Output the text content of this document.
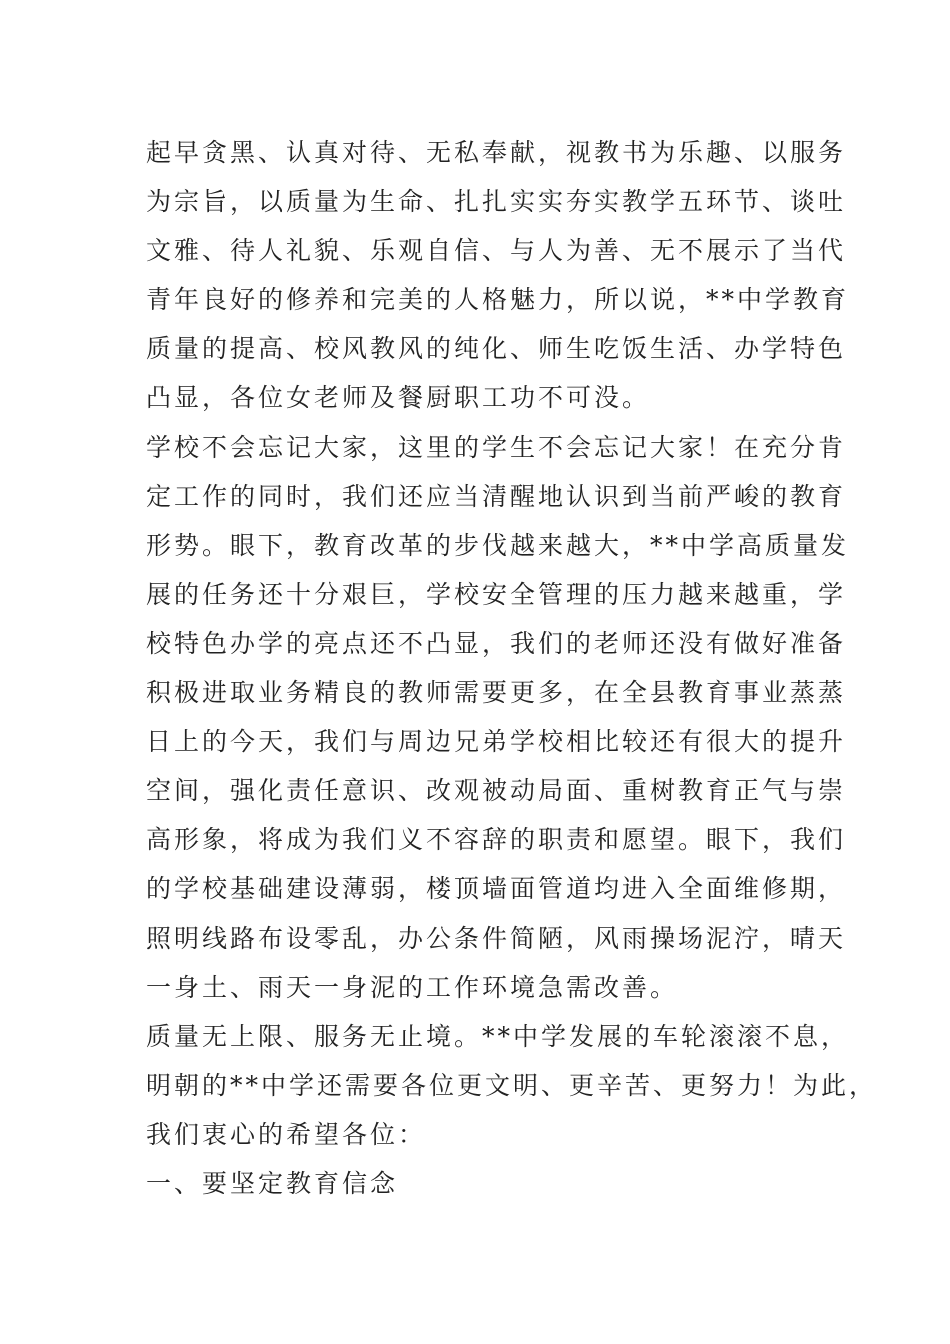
起早贪黑、认真对待、无私奉献，视教书为乐趣、以服务
为宗旨，以质量为生命、扎扎实实夯实教学五环节、谈吐
文雅、待人礼貌、乐观自信、与人为善、无不展示了当代
青年良好的修养和完美的人格魅力，所以说，**中学教育
质量的提高、校风教风的纯化、师生吃饭生活、办学特色
凸显，各位女老师及餐厨职工功不可没。
学校不会忘记大家，这里的学生不会忘记大家！在充分肯
定工作的同时，我们还应当清醒地认识到当前严峻的教育
形势。眼下，教育改革的步伐越来越大，**中学高质量发
展的任务还十分艰巨，学校安全管理的压力越来越重，学
校特色办学的亮点还不凸显，我们的老师还没有做好准备
积极进取业务精良的教师需要更多，在全县教育事业蒸蒸
日上的今天，我们与周边兄弟学校相比较还有很大的提升
空间，强化责任意识、改观被动局面、重树教育正气与崇
高形象，将成为我们义不容辞的职责和愿望。眼下，我们
的学校基础建设薄弱，楼顶墙面管道均进入全面维修期，
照明线路布设零乱，办公条件简陋，风雨操场泥泞，晴天
一身土、雨天一身泥的工作环境急需改善。
质量无上限、服务无止境。**中学发展的车轮滚滚不息，
明朝的**中学还需要各位更文明、更辛苦、更努力！为此，
我们衷心的希望各位：
一、要坚定教育信念
